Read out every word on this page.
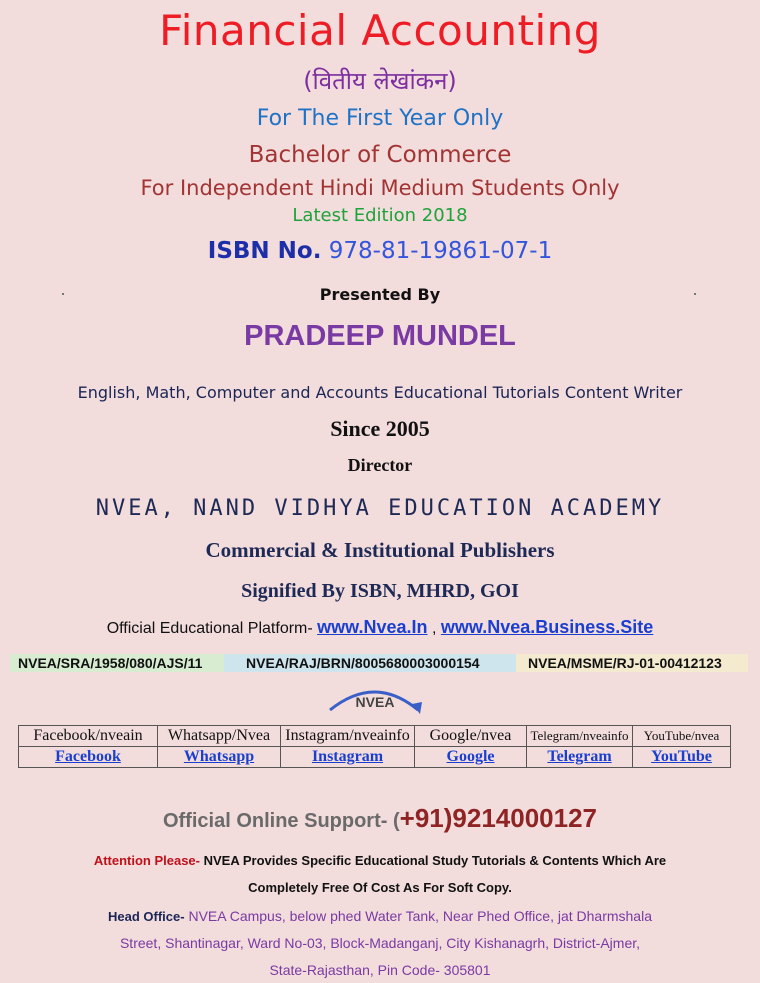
Financial Accounting
(वितीय लेखांकन)
For The First Year Only
Bachelor of Commerce
For Independent Hindi Medium Students Only
Latest Edition 2018
ISBN No. 978-81-19861-07-1
Presented By
PRADEEP MUNDEL
English, Math, Computer and Accounts Educational Tutorials Content Writer
Since 2005
Director
NVEA, NAND VIDHYA EDUCATION ACADEMY
Commercial & Institutional Publishers
Signified By ISBN, MHRD, GOI
Official Educational Platform- www.Nvea.In , www.Nvea.Business.Site
NVEA/SRA/1958/080/AJS/11	NVEA/RAJ/BRN/8005680003000154	NVEA/MSME/RJ-01-00412123
NVEA
Facebook/nveain	Whatsapp/Nvea	Instagram/nveainfo	Google/nvea	Telegram/nveainfo	YouTube/nvea
Facebook	Whatsapp	Instagram	Google	Telegram	YouTube
Official Online Support- (+91)9214000127
Attention Please- NVEA Provides Specific Educational Study Tutorials & Contents Which Are
Completely Free Of Cost As For Soft Copy.
Head Office- NVEA Campus, below phed Water Tank, Near Phed Office, jat Dharmshala
Street, Shantinagar, Ward No-03, Block-Madanganj, City Kishanagrh, District-Ajmer,
State-Rajasthan, Pin Code- 305801
